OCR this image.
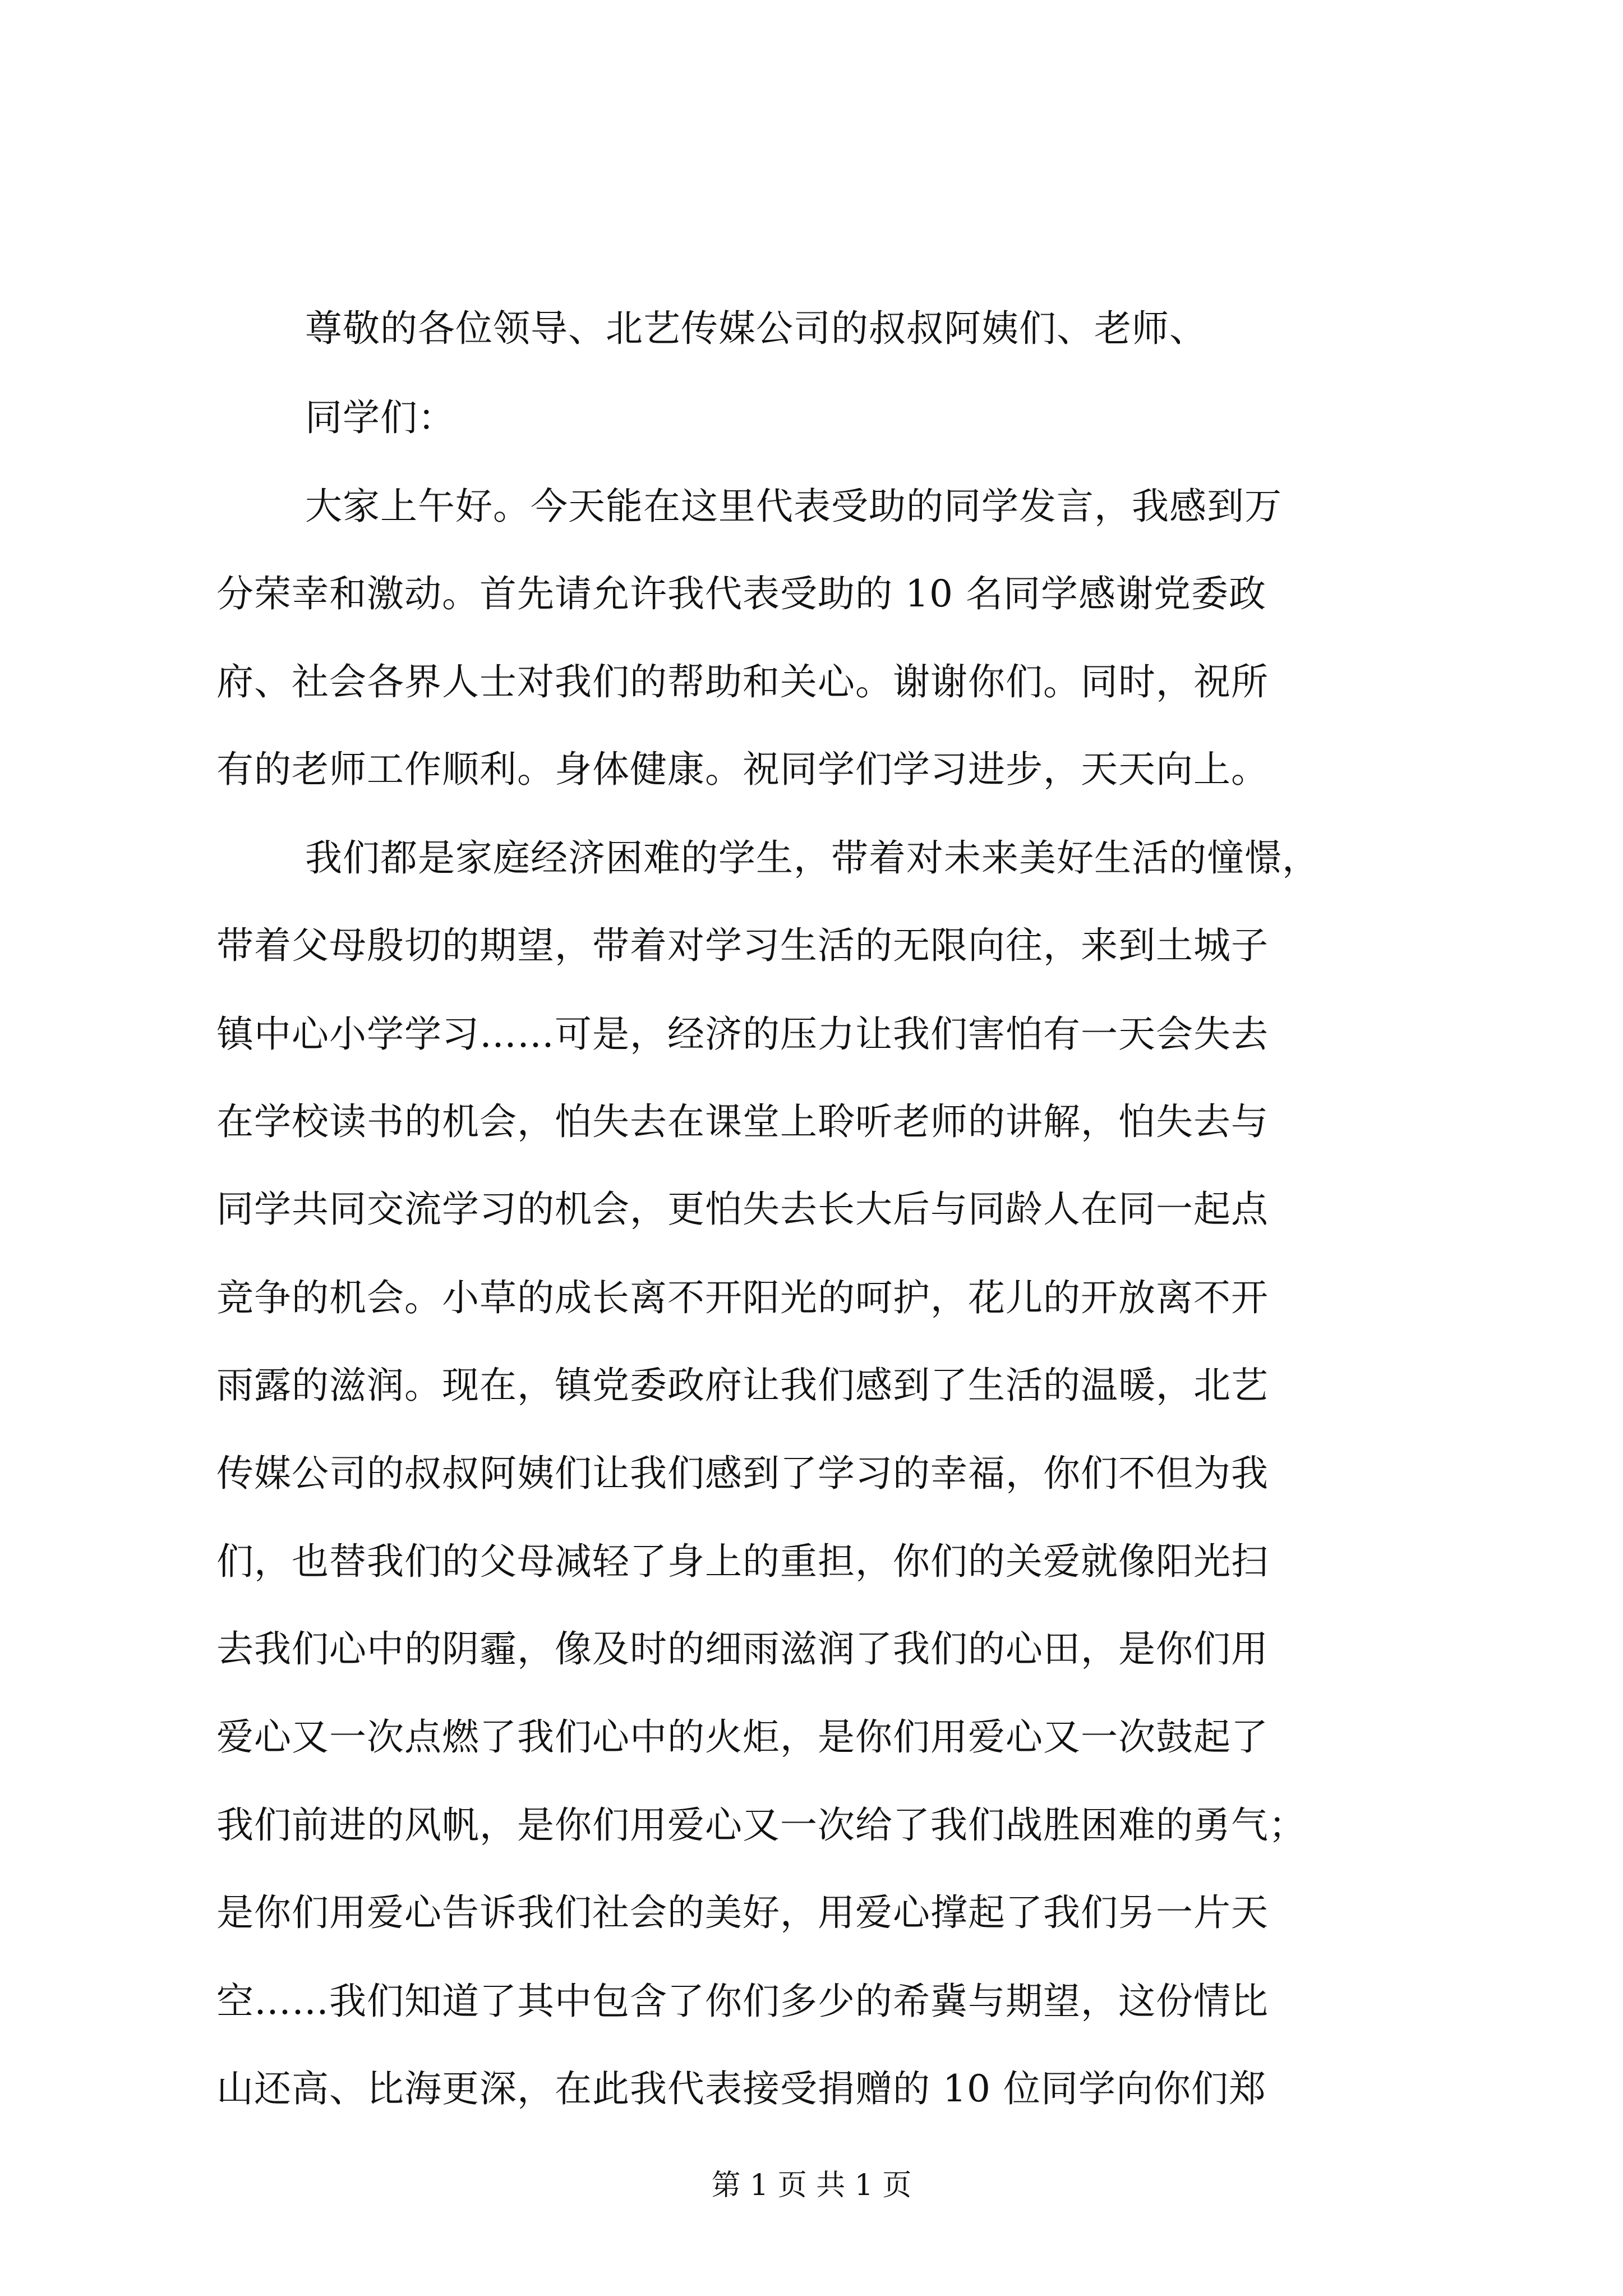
尊敬的各位领导、北艺传媒公司的叔叔阿姨们、老师、
同学们：
大家上午好。今天能在这里代表受助的同学发言，我感到万
分荣幸和激动。首先请允许我代表受助的 10 名同学感谢党委政
府、社会各界人士对我们的帮助和关心。谢谢你们。同时，祝所
有的老师工作顺利。身体健康。祝同学们学习进步，天天向上。
我们都是家庭经济困难的学生，带着对未来美好生活的憧憬，
带着父母殷切的期望，带着对学习生活的无限向往，来到土城子
镇中心小学学习……可是，经济的压力让我们害怕有一天会失去
在学校读书的机会，怕失去在课堂上聆听老师的讲解，怕失去与
同学共同交流学习的机会，更怕失去长大后与同龄人在同一起点
竞争的机会。小草的成长离不开阳光的呵护，花儿的开放离不开
雨露的滋润。现在，镇党委政府让我们感到了生活的温暖，北艺
传媒公司的叔叔阿姨们让我们感到了学习的幸福，你们不但为我
们，也替我们的父母减轻了身上的重担，你们的关爱就像阳光扫
去我们心中的阴霾，像及时的细雨滋润了我们的心田，是你们用
爱心又一次点燃了我们心中的火炬，是你们用爱心又一次鼓起了
我们前进的风帆，是你们用爱心又一次给了我们战胜困难的勇气；
是你们用爱心告诉我们社会的美好，用爱心撑起了我们另一片天
空……我们知道了其中包含了你们多少的希冀与期望，这份情比
山还高、比海更深，在此我代表接受捐赠的 10 位同学向你们郑
第 1 页 共 1 页
